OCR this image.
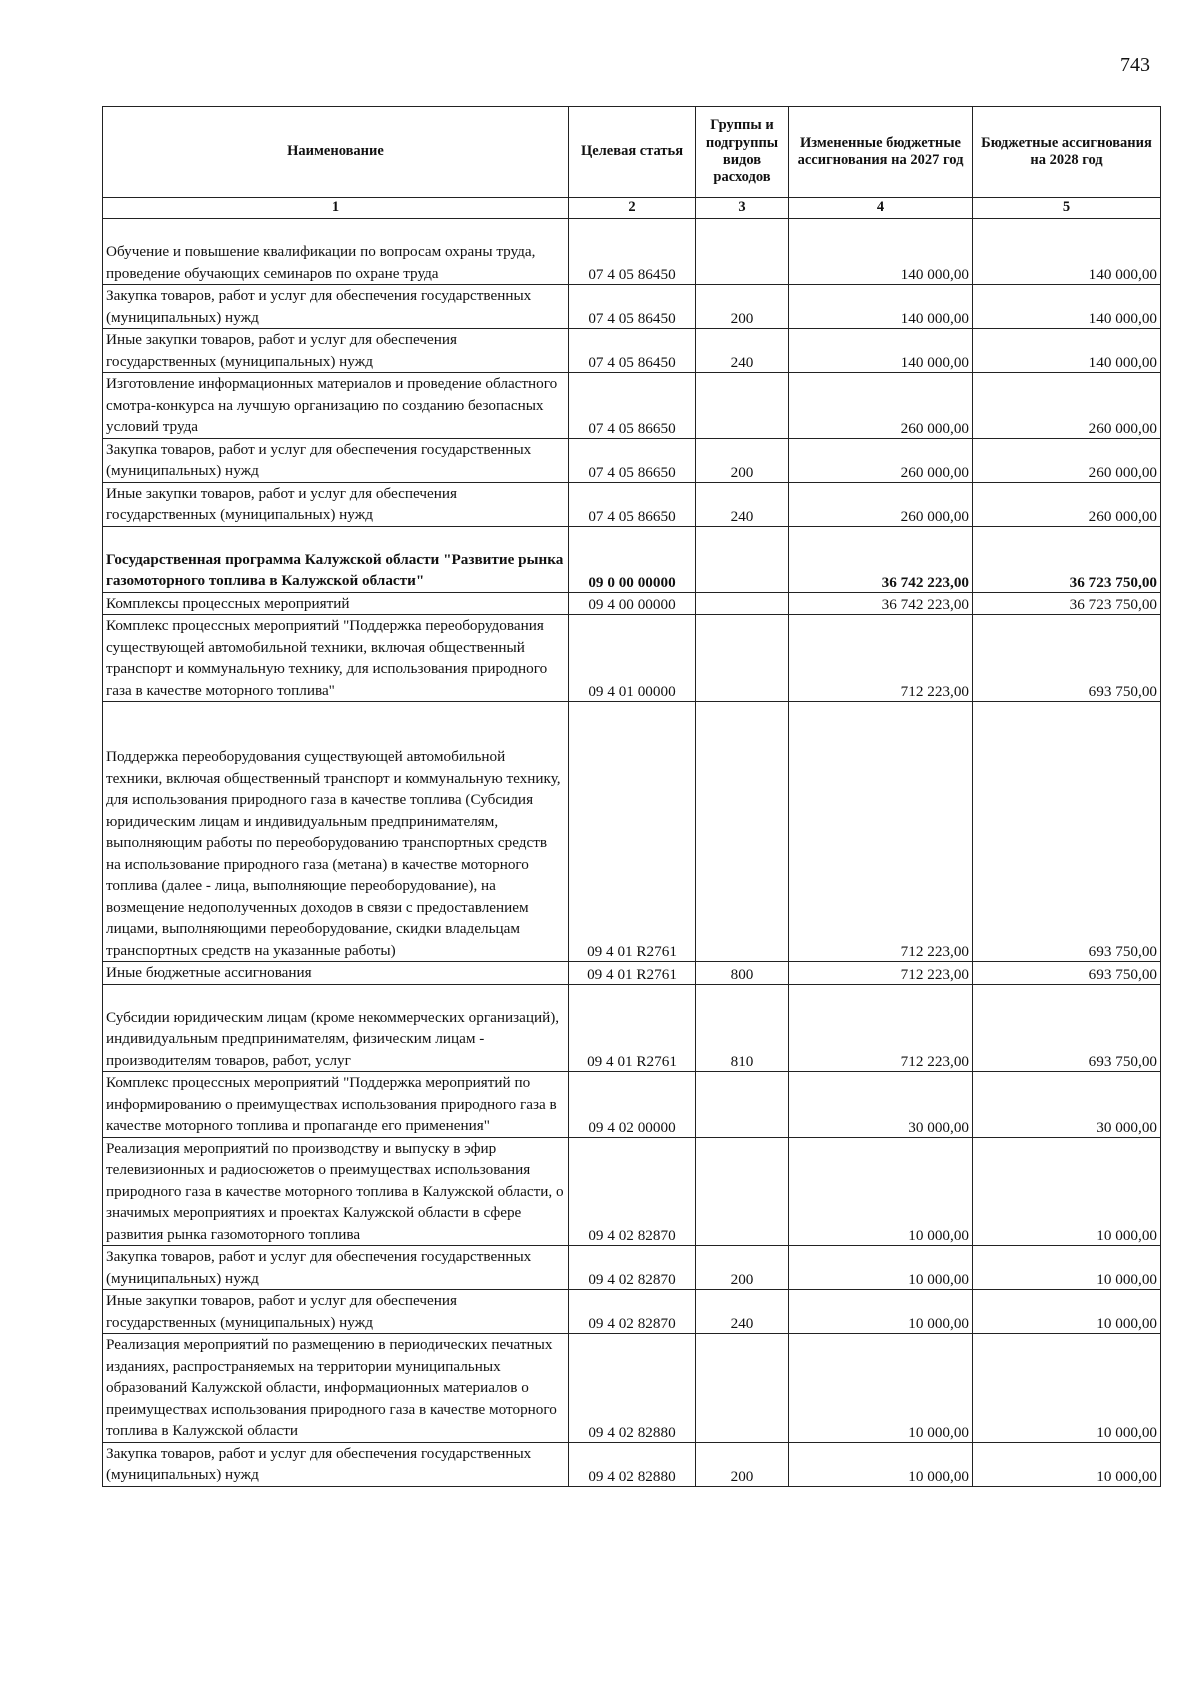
743
Наименование	Целевая статья	Группы и подгруппы видов расходов	Измененные бюджетные ассигнования на 2027 год	Бюджетные ассигнования на 2028 год
1	2	3	4	5
Обучение и повышение квалификации по вопросам охраны труда, проведение обучающих семинаров по охране труда	07 4 05 86450		140 000,00	140 000,00
Закупка товаров, работ и услуг для обеспечения государственных (муниципальных) нужд	07 4 05 86450	200	140 000,00	140 000,00
Иные закупки товаров, работ и услуг для обеспечения государственных (муниципальных) нужд	07 4 05 86450	240	140 000,00	140 000,00
Изготовление информационных материалов и проведение областного смотра-конкурса на лучшую организацию по созданию безопасных условий труда	07 4 05 86650		260 000,00	260 000,00
Закупка товаров, работ и услуг для обеспечения государственных (муниципальных) нужд	07 4 05 86650	200	260 000,00	260 000,00
Иные закупки товаров, работ и услуг для обеспечения государственных (муниципальных) нужд	07 4 05 86650	240	260 000,00	260 000,00
Государственная программа Калужской области "Развитие рынка газомоторного топлива в Калужской области"	09 0 00 00000		36 742 223,00	36 723 750,00
Комплексы процессных мероприятий	09 4 00 00000		36 742 223,00	36 723 750,00
Комплекс процессных мероприятий "Поддержка переоборудования существующей автомобильной техники, включая общественный транспорт и коммунальную технику, для использования природного газа в качестве моторного топлива"	09 4 01 00000		712 223,00	693 750,00
Поддержка переоборудования существующей автомобильной техники, включая общественный транспорт и коммунальную технику, для использования природного газа в качестве топлива (Субсидия юридическим лицам и индивидуальным предпринимателям, выполняющим работы по переоборудованию транспортных средств на использование природного газа (метана) в качестве моторного топлива (далее - лица, выполняющие переоборудование), на возмещение недополученных доходов в связи с предоставлением лицами, выполняющими переоборудование, скидки владельцам транспортных средств на указанные работы)	09 4 01 R2761		712 223,00	693 750,00
Иные бюджетные ассигнования	09 4 01 R2761	800	712 223,00	693 750,00
Субсидии юридическим лицам (кроме некоммерческих организаций), индивидуальным предпринимателям, физическим лицам - производителям товаров, работ, услуг	09 4 01 R2761	810	712 223,00	693 750,00
Комплекс процессных мероприятий "Поддержка мероприятий по информированию о преимуществах использования природного газа в качестве моторного топлива и пропаганде его применения"	09 4 02 00000		30 000,00	30 000,00
Реализация мероприятий по производству и выпуску в эфир телевизионных и радиосюжетов о преимуществах использования природного газа в качестве моторного топлива в Калужской области, о значимых мероприятиях и проектах Калужской области в сфере развития рынка газомоторного топлива	09 4 02 82870		10 000,00	10 000,00
Закупка товаров, работ и услуг для обеспечения государственных (муниципальных) нужд	09 4 02 82870	200	10 000,00	10 000,00
Иные закупки товаров, работ и услуг для обеспечения государственных (муниципальных) нужд	09 4 02 82870	240	10 000,00	10 000,00
Реализация мероприятий по размещению в периодических печатных изданиях, распространяемых на территории муниципальных образований Калужской области, информационных материалов о преимуществах использования природного газа в качестве моторного топлива в Калужской области	09 4 02 82880		10 000,00	10 000,00
Закупка товаров, работ и услуг для обеспечения государственных (муниципальных) нужд	09 4 02 82880	200	10 000,00	10 000,00
